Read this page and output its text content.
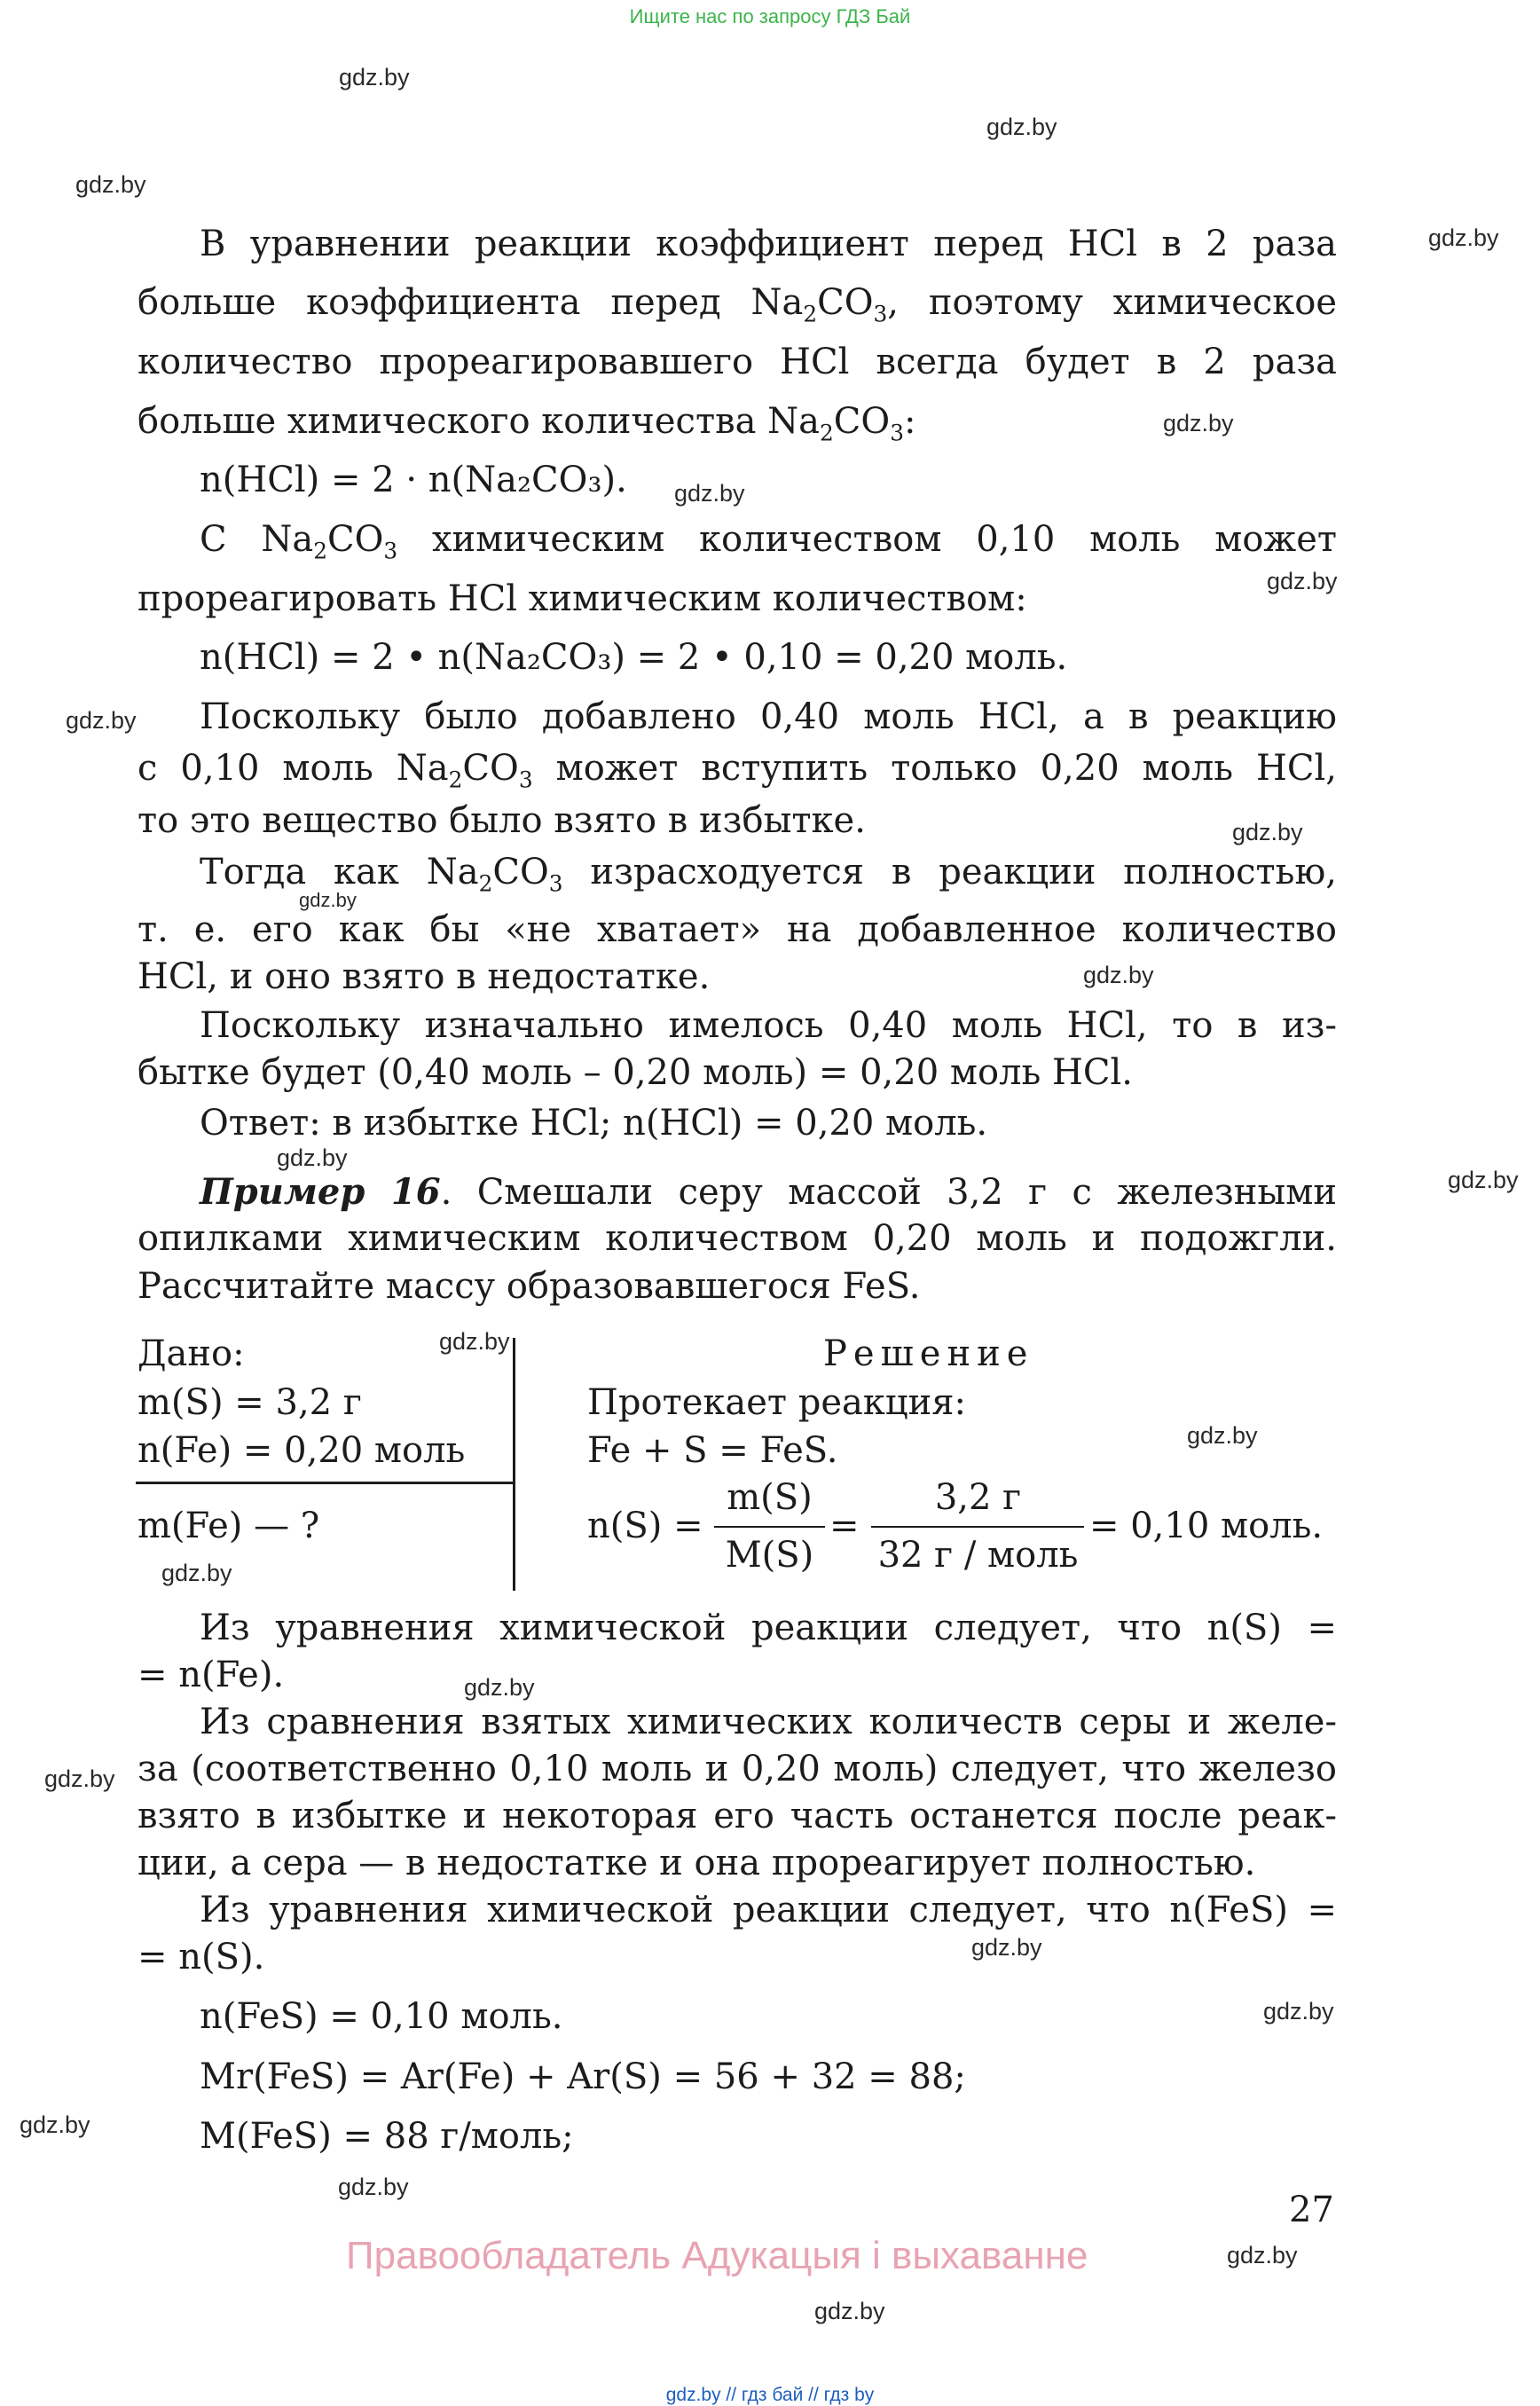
Ищите нас по запросу ГДЗ Бай
gdz.by
gdz.by
gdz.by
gdz.by
gdz.by
gdz.by
gdz.by
gdz.by
gdz.by
gdz.by
gdz.by
gdz.by
gdz.by
gdz.by
gdz.by
gdz.by
gdz.by
gdz.by
gdz.by
gdz.by
gdz.by
gdz.by
gdz.by
gdz.by
В уравнении реакции коэффициент перед HCl в 2 раза
больше коэффициента перед $Na_2CO_3$, поэтому химическое
количество прореагировавшего HCl всегда будет в 2 раза
больше химического количества $Na_2CO_3$:
n(HCl) = 2 · n(Na₂CO₃).
С $Na_2CO_3$ химическим количеством 0,10 моль может
прореагировать HCl химическим количеством:
n(HCl) = 2 • n(Na₂CO₃) = 2 • 0,10 = 0,20 моль.
Поскольку было добавлено 0,40 моль HCl, а в реакцию
с 0,10 моль $Na_2CO_3$ может вступить только 0,20 моль HCl,
то это вещество было взято в избытке.
Тогда как $Na_2CO_3$ израсходуется в реакции полностью,
т. е. его как бы «не хватает» на добавленное количество
HCl, и оно взято в недостатке.
Поскольку изначально имелось 0,40 моль HCl, то в из-
бытке будет (0,40 моль – 0,20 моль) = 0,20 моль HCl.
Ответ: в избытке HCl; n(HCl) = 0,20 моль.
Пример 16. Смешали серу массой 3,2 г с железными
опилками химическим количеством 0,20 моль и подожгли.
Рассчитайте массу образовавшегося FeS.
Дано:
m(S) = 3,2 г
n(Fe) = 0,20 моль
m(Fe) — ?
Решение
Протекает реакция:
Fe + S = FeS.
n(S) =
m(S)
M(S)
=
3,2 г
32 г / моль
= 0,10 моль.
Из уравнения химической реакции следует, что n(S) =
= n(Fe).
Из сравнения взятых химических количеств серы и желе-
за (соответственно 0,10 моль и 0,20 моль) следует, что железо
взято в избытке и некоторая его часть останется после реак-
ции, а сера — в недостатке и она прореагирует полностью.
Из уравнения химической реакции следует, что n(FeS) =
= n(S).
n(FeS) = 0,10 моль.
Mr(FeS) = Ar(Fe) + Ar(S) = 56 + 32 = 88;
M(FeS) = 88 г/моль;
27
Правообладатель Адукацыя і выхаванне
gdz.by // гдз бай // гдз by
